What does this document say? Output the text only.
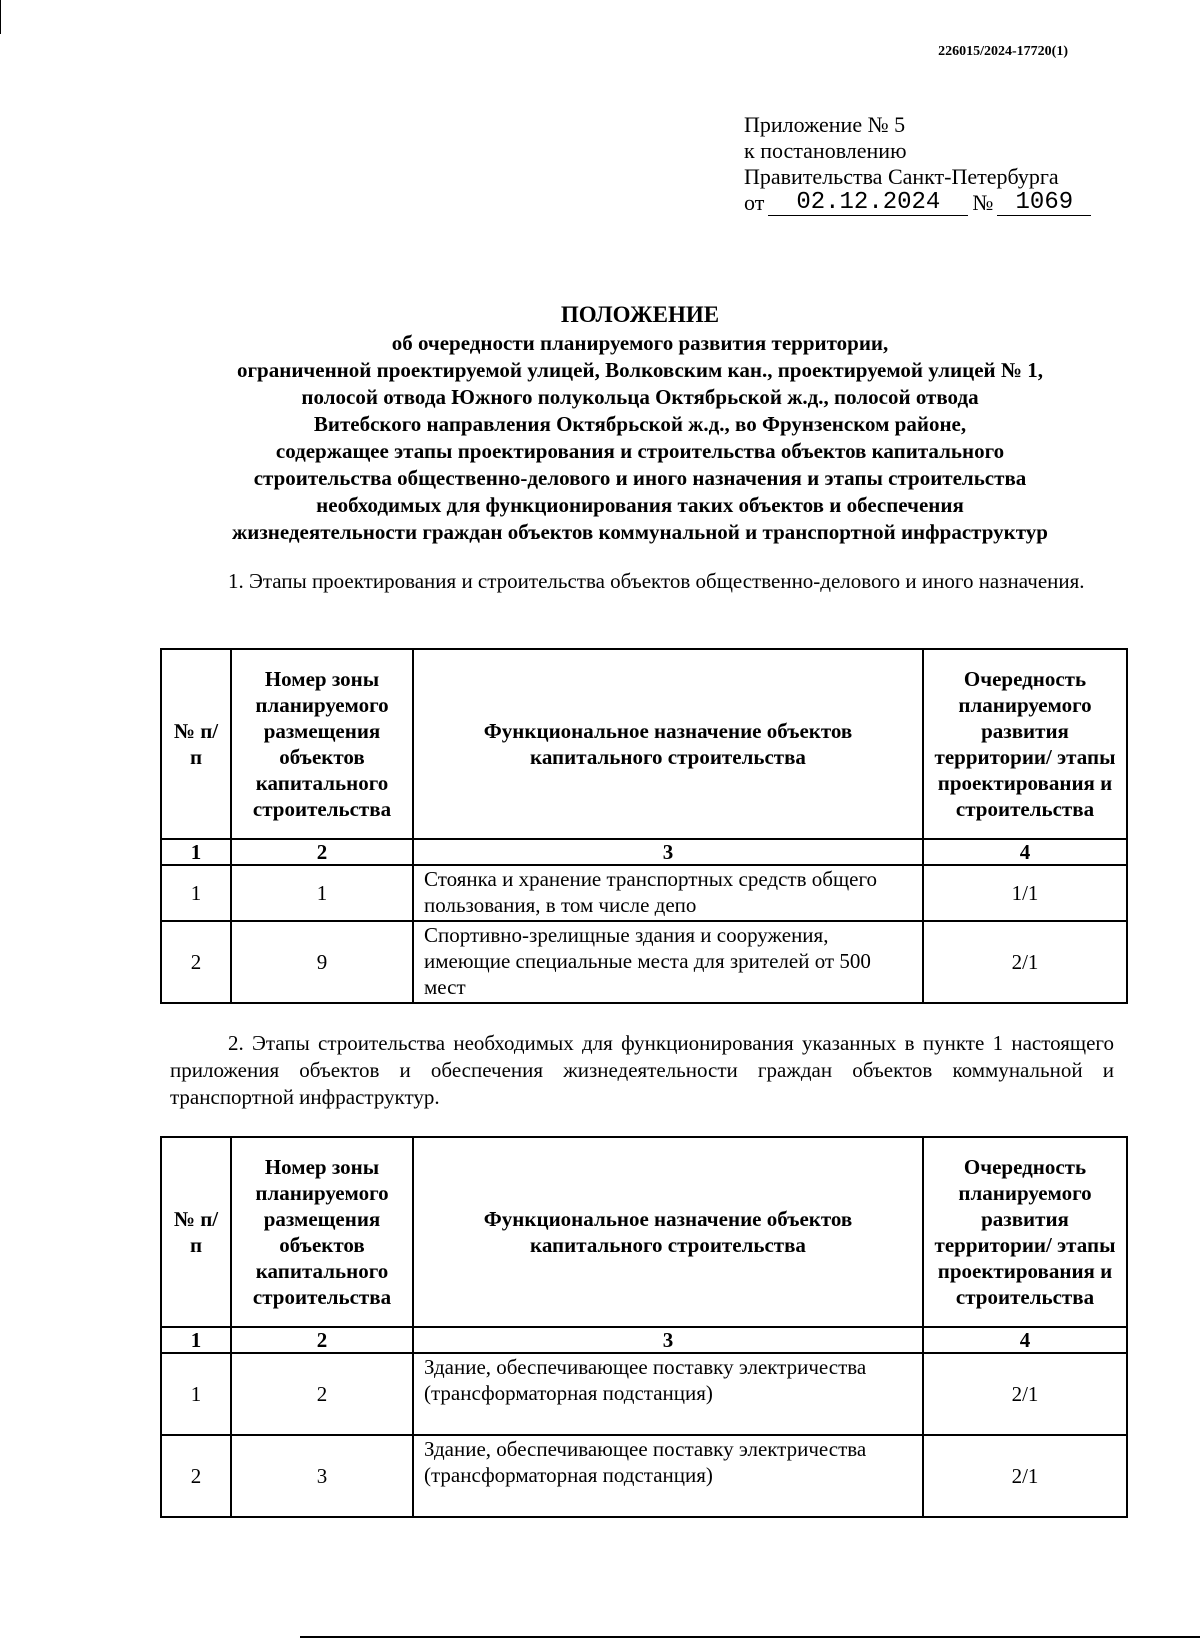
226015/2024-17720(1)
Приложение № 5
к постановлению
Правительства Санкт-Петербурга
от	02.12.2024	№ 1069
ПОЛОЖЕНИЕ
об очередности планируемого развития территории,
ограниченной проектируемой улицей, Волковским кан., проектируемой улицей № 1,
полосой отвода Южного полукольца Октябрьской ж.д., полосой отвода
Витебского направления Октябрьской ж.д., во Фрунзенском районе,
содержащее этапы проектирования и строительства объектов капитального
строительства общественно-делового и иного назначения и этапы строительства
необходимых для функционирования таких объектов и обеспечения
жизнедеятельности граждан объектов коммунальной и транспортной инфраструктур
1. Этапы проектирования и строительства объектов общественно-делового и иного назначения.
№ п/п	Номер зоны планируемого размещения объектов капитального строительства	Функциональное назначение объектов капитального строительства	Очередность планируемого развития территории/ этапы проектирования и строительства
1	2	3	4
1	1	Стоянка и хранение транспортных средств общего пользования, в том числе депо	1/1
2	9	Спортивно-зрелищные здания и сооружения, имеющие специальные места для зрителей от 500 мест	2/1
2. Этапы строительства необходимых для функционирования указанных в пункте 1 настоящего приложения объектов и обеспечения жизнедеятельности граждан объектов коммунальной и транспортной инфраструктур.
№ п/п	Номер зоны планируемого размещения объектов капитального строительства	Функциональное назначение объектов капитального строительства	Очередность планируемого развития территории/ этапы проектирования и строительства
1	2	3	4
1	2	Здание, обеспечивающее поставку электричества (трансформаторная подстанция)	2/1
2	3	Здание, обеспечивающее поставку электричества (трансформаторная подстанция)	2/1
